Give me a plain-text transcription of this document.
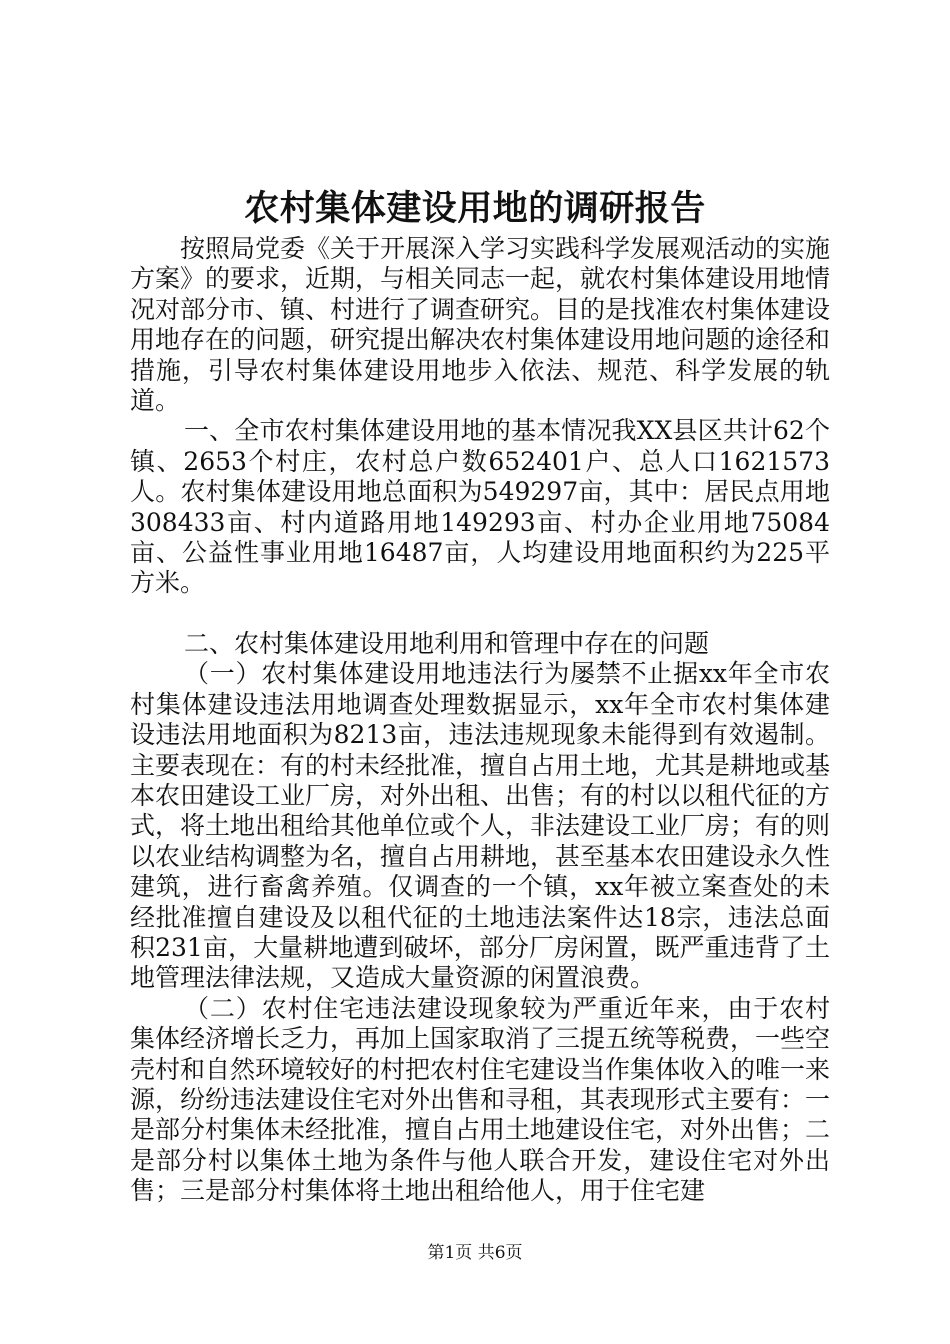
农村集体建设用地的调研报告

按照局党委《关于开展深入学习实践科学发展观活动的实施方案》的要求，近期，与相关同志一起，就农村集体建设用地情况对部分市、镇、村进行了调查研究。目的是找准农村集体建设用地存在的问题，研究提出解决农村集体建设用地问题的途径和措施，引导农村集体建设用地步入依法、规范、科学发展的轨道。

一、全市农村集体建设用地的基本情况我XX县区共计62个镇、2653个村庄，农村总户数652401户、总人口1621573人。农村集体建设用地总面积为549297亩，其中：居民点用地308433亩、村内道路用地149293亩、村办企业用地75084亩、公益性事业用地16487亩，人均建设用地面积约为225平方米。

二、农村集体建设用地利用和管理中存在的问题

（一）农村集体建设用地违法行为屡禁不止据xx年全市农村集体建设违法用地调查处理数据显示，xx年全市农村集体建设违法用地面积为8213亩，违法违规现象未能得到有效遏制。主要表现在：有的村未经批准，擅自占用土地，尤其是耕地或基本农田建设工业厂房，对外出租、出售；有的村以以租代征的方式，将土地出租给其他单位或个人，非法建设工业厂房；有的则以农业结构调整为名，擅自占用耕地，甚至基本农田建设永久性建筑，进行畜禽养殖。仅调查的一个镇，xx年被立案查处的未经批准擅自建设及以租代征的土地违法案件达18宗，违法总面积231亩，大量耕地遭到破坏，部分厂房闲置，既严重违背了土地管理法律法规，又造成大量资源的闲置浪费。

（二）农村住宅违法建设现象较为严重近年来，由于农村集体经济增长乏力，再加上国家取消了三提五统等税费，一些空壳村和自然环境较好的村把农村住宅建设当作集体收入的唯一来源，纷纷违法建设住宅对外出售和寻租，其表现形式主要有：一是部分村集体未经批准，擅自占用土地建设住宅，对外出售；二是部分村以集体土地为条件与他人联合开发，建设住宅对外出售；三是部分村集体将土地出租给他人，用于住宅建

第1页 共6页
